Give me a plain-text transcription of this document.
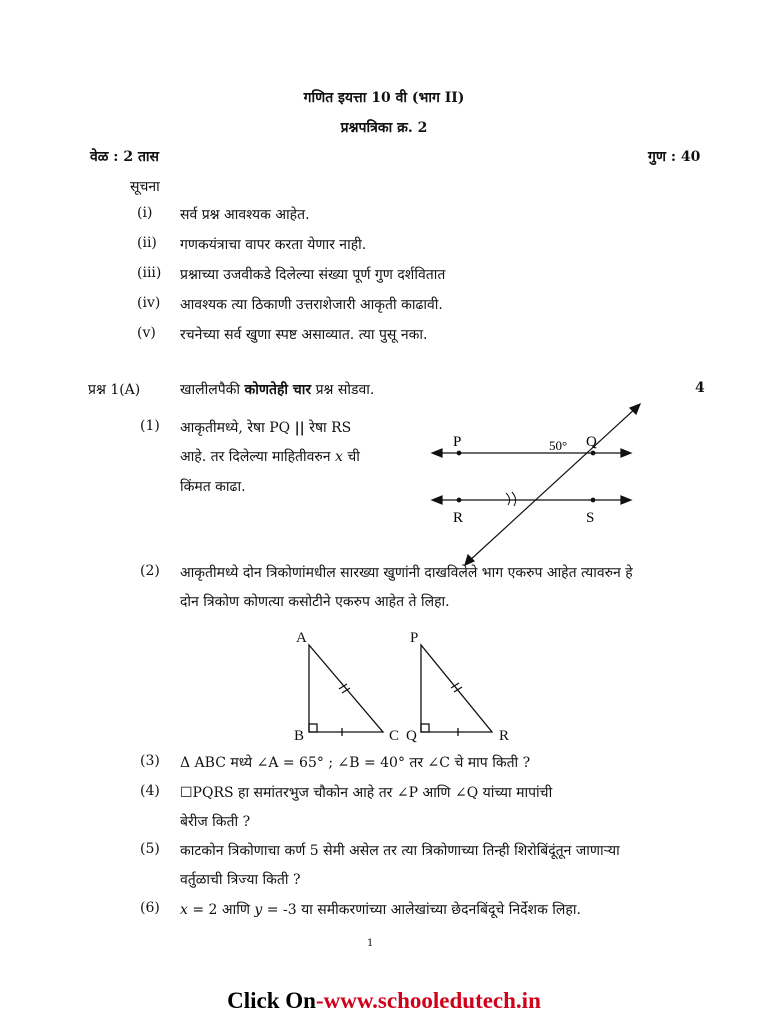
गणित इयत्ता 10 वी (भाग II)
प्रश्नपत्रिका क्र. 2
वेळ : 2 तास	गुण : 40
सूचना
(i) सर्व प्रश्न आवश्यक आहेत.
(ii) गणकयंत्राचा वापर करता येणार नाही.
(iii) प्रश्नाच्या उजवीकडे दिलेल्या संख्या पूर्ण गुण दर्शवितात
(iv) आवश्यक त्या ठिकाणी उत्तराशेजारी आकृती काढावी.
(v) रचनेच्या सर्व खुणा स्पष्ट असाव्यात. त्या पुसू नका.
प्रश्न 1(A)	खालीलपैकी कोणतेही चार प्रश्न सोडवा.	4
(1) आकृतीमध्ये, रेषा PQ || रेषा RS
आहे. तर दिलेल्या माहितीवरुन x ची
किंमत काढा.
P	Q
R	S
50°
(2) आकृतीमध्ये दोन त्रिकोणांमधील सारख्या खुणांनी दाखविलेले भाग एकरुप आहेत त्यावरुन हे
दोन त्रिकोण कोणत्या कसोटीने एकरुप आहेत ते लिहा.
A
B	C
P
Q	R
(3) Δ ABC मध्ये ∠A = 65° ; ∠B = 40° तर ∠C चे माप किती ?
(4) ☐PQRS हा समांतरभुज चौकोन आहे तर ∠P आणि ∠Q यांच्या मापांची
बेरीज किती ?
(5) काटकोन त्रिकोणाचा कर्ण 5 सेमी असेल तर त्या त्रिकोणाच्या तिन्ही शिरोबिंदूंतून जाणाऱ्या
वर्तुळाची त्रिज्या किती ?
(6) x = 2 आणि y = -3 या समीकरणांच्या आलेखांच्या छेदनबिंदूचे निर्देशक लिहा.
1
Click On-www.schooledutech.in
